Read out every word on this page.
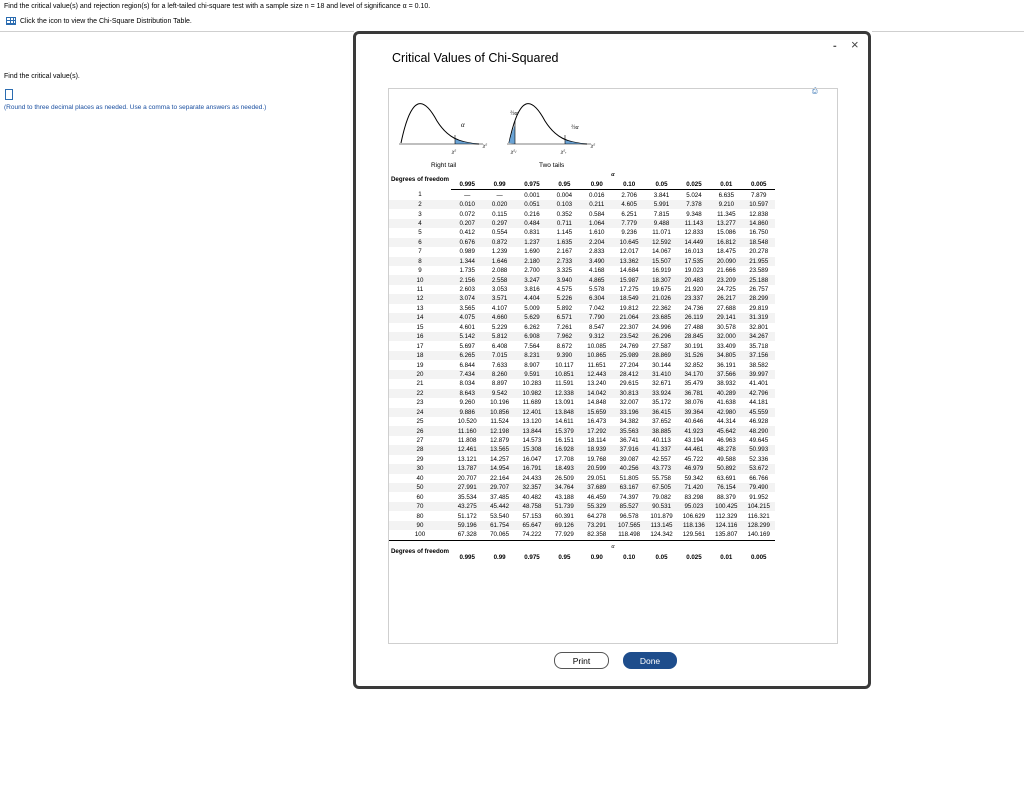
Find the critical value(s) and rejection region(s) for a left-tailed chi-square test with a sample size n = 18 and level of significance α = 0.10.
Click the icon to view the Chi-Square Distribution Table.
Find the critical value(s).
(Round to three decimal places as needed. Use a comma to separate answers as needed.)
Critical Values of Chi-Squared
⎙
α
χ²
χ²
½α
½α
χ²ₗ	χ²ᵣ
χ²
Right tail	Two tails
Degrees of freedom	α									
	0.995	0.99	0.975	0.95	0.90	0.10	0.05	0.025	0.01	0.005
1	—	—	0.001	0.004	0.016	2.706	3.841	5.024	6.635	7.879
2	0.010	0.020	0.051	0.103	0.211	4.605	5.991	7.378	9.210	10.597
3	0.072	0.115	0.216	0.352	0.584	6.251	7.815	9.348	11.345	12.838
4	0.207	0.297	0.484	0.711	1.064	7.779	9.488	11.143	13.277	14.860
5	0.412	0.554	0.831	1.145	1.610	9.236	11.071	12.833	15.086	16.750
6	0.676	0.872	1.237	1.635	2.204	10.645	12.592	14.449	16.812	18.548
7	0.989	1.239	1.690	2.167	2.833	12.017	14.067	16.013	18.475	20.278
8	1.344	1.646	2.180	2.733	3.490	13.362	15.507	17.535	20.090	21.955
9	1.735	2.088	2.700	3.325	4.168	14.684	16.919	19.023	21.666	23.589
10	2.156	2.558	3.247	3.940	4.865	15.987	18.307	20.483	23.209	25.188
11	2.603	3.053	3.816	4.575	5.578	17.275	19.675	21.920	24.725	26.757
12	3.074	3.571	4.404	5.226	6.304	18.549	21.026	23.337	26.217	28.299
13	3.565	4.107	5.009	5.892	7.042	19.812	22.362	24.736	27.688	29.819
14	4.075	4.660	5.629	6.571	7.790	21.064	23.685	26.119	29.141	31.319
15	4.601	5.229	6.262	7.261	8.547	22.307	24.996	27.488	30.578	32.801
16	5.142	5.812	6.908	7.962	9.312	23.542	26.296	28.845	32.000	34.267
17	5.697	6.408	7.564	8.672	10.085	24.769	27.587	30.191	33.409	35.718
18	6.265	7.015	8.231	9.390	10.865	25.989	28.869	31.526	34.805	37.156
19	6.844	7.633	8.907	10.117	11.651	27.204	30.144	32.852	36.191	38.582
20	7.434	8.260	9.591	10.851	12.443	28.412	31.410	34.170	37.566	39.997
21	8.034	8.897	10.283	11.591	13.240	29.615	32.671	35.479	38.932	41.401
22	8.643	9.542	10.982	12.338	14.042	30.813	33.924	36.781	40.289	42.796
23	9.260	10.196	11.689	13.091	14.848	32.007	35.172	38.076	41.638	44.181
24	9.886	10.856	12.401	13.848	15.659	33.196	36.415	39.364	42.980	45.559
25	10.520	11.524	13.120	14.611	16.473	34.382	37.652	40.646	44.314	46.928
26	11.160	12.198	13.844	15.379	17.292	35.563	38.885	41.923	45.642	48.290
27	11.808	12.879	14.573	16.151	18.114	36.741	40.113	43.194	46.963	49.645
28	12.461	13.565	15.308	16.928	18.939	37.916	41.337	44.461	48.278	50.993
29	13.121	14.257	16.047	17.708	19.768	39.087	42.557	45.722	49.588	52.336
30	13.787	14.954	16.791	18.493	20.599	40.256	43.773	46.979	50.892	53.672
40	20.707	22.164	24.433	26.509	29.051	51.805	55.758	59.342	63.691	66.766
50	27.991	29.707	32.357	34.764	37.689	63.167	67.505	71.420	76.154	79.490
60	35.534	37.485	40.482	43.188	46.459	74.397	79.082	83.298	88.379	91.952
70	43.275	45.442	48.758	51.739	55.329	85.527	90.531	95.023	100.425	104.215
80	51.172	53.540	57.153	60.391	64.278	96.578	101.879	106.629	112.329	116.321
90	59.196	61.754	65.647	69.126	73.291	107.565	113.145	118.136	124.116	128.299
100	67.328	70.065	74.222	77.929	82.358	118.498	124.342	129.561	135.807	140.169
Degrees of freedom	α									
	0.995	0.99	0.975	0.95	0.90	0.10	0.05	0.025	0.01	0.005
Print	Done
- ×
